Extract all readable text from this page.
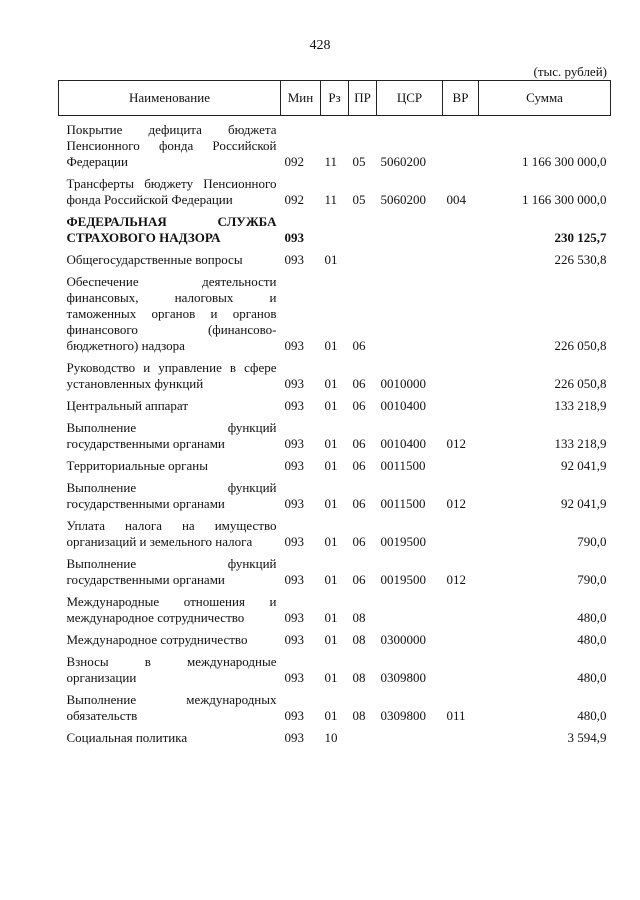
428
(тыс. рублей)
Наименование	Мин	Рз	ПР	ЦСР	ВР	Сумма
Покрытие дефицита бюджета Пенсионного фонда Российской Федерации	092	11	05	5060200		1 166 300 000,0
Трансферты бюджету Пенсионного фонда Российской Федерации	092	11	05	5060200	004	1 166 300 000,0
ФЕДЕРАЛЬНАЯ СЛУЖБА СТРАХОВОГО НАДЗОРА	093					230 125,7
Общегосударственные вопросы	093	01				226 530,8
Обеспечение деятельности финансовых, налоговых и таможенных органов и органов финансового (финансово-бюджетного) надзора	093	01	06			226 050,8
Руководство и управление в сфере установленных функций	093	01	06	0010000		226 050,8
Центральный аппарат	093	01	06	0010400		133 218,9
Выполнение функций государственными органами	093	01	06	0010400	012	133 218,9
Территориальные органы	093	01	06	0011500		92 041,9
Выполнение функций государственными органами	093	01	06	0011500	012	92 041,9
Уплата налога на имущество организаций и земельного налога	093	01	06	0019500		790,0
Выполнение функций государственными органами	093	01	06	0019500	012	790,0
Международные отношения и международное сотрудничество	093	01	08			480,0
Международное сотрудничество	093	01	08	0300000		480,0
Взносы в международные организации	093	01	08	0309800		480,0
Выполнение международных обязательств	093	01	08	0309800	011	480,0
Социальная политика	093	10				3 594,9
